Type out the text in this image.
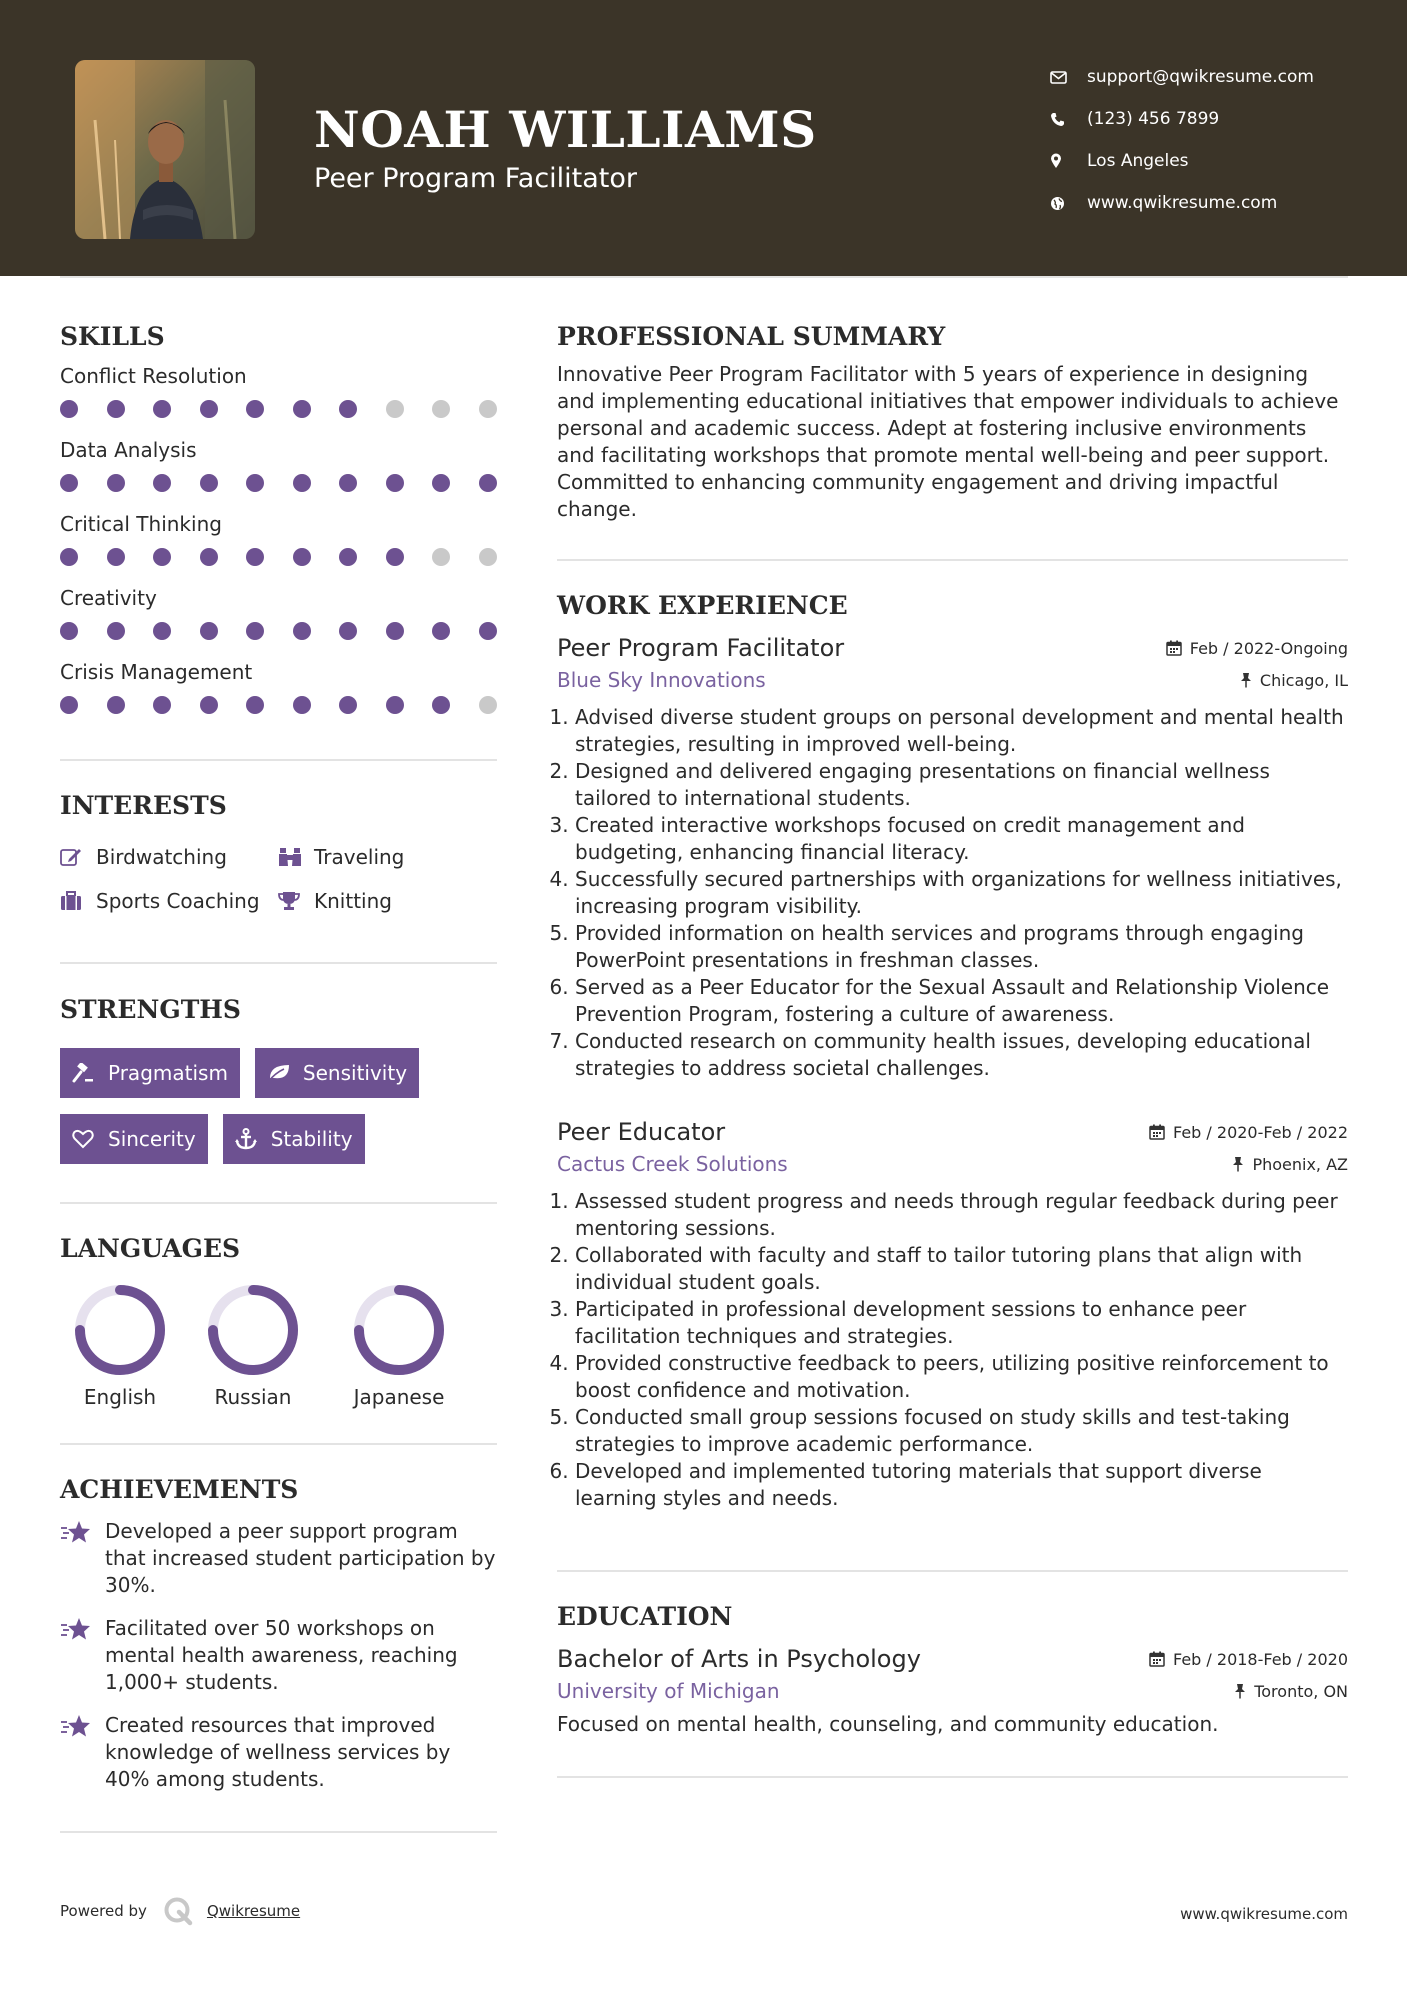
NOAH WILLIAMS
Peer Program Facilitator
support@qwikresume.com
(123) 456 7899
Los Angeles
www.qwikresume.com
SKILLS
Conflict Resolution
Data Analysis
Critical Thinking
Creativity
Crisis Management
INTERESTS
Birdwatching	Traveling
Sports Coaching	Knitting
STRENGTHS
Pragmatism	Sensitivity
Sincerity	Stability
LANGUAGES
English	Russian	Japanese
ACHIEVEMENTS
Developed a peer support program that increased student participation by 30%.
Facilitated over 50 workshops on mental health awareness, reaching 1,000+ students.
Created resources that improved knowledge of wellness services by 40% among students.
PROFESSIONAL SUMMARY
Innovative Peer Program Facilitator with 5 years of experience in designing and implementing educational initiatives that empower individuals to achieve personal and academic success. Adept at fostering inclusive environments and facilitating workshops that promote mental well-being and peer support. Committed to enhancing community engagement and driving impactful change.
WORK EXPERIENCE
Peer Program Facilitator	Feb / 2022-Ongoing
Blue Sky Innovations	Chicago, IL
1. Advised diverse student groups on personal development and mental health strategies, resulting in improved well-being.
2. Designed and delivered engaging presentations on financial wellness tailored to international students.
3. Created interactive workshops focused on credit management and budgeting, enhancing financial literacy.
4. Successfully secured partnerships with organizations for wellness initiatives, increasing program visibility.
5. Provided information on health services and programs through engaging PowerPoint presentations in freshman classes.
6. Served as a Peer Educator for the Sexual Assault and Relationship Violence Prevention Program, fostering a culture of awareness.
7. Conducted research on community health issues, developing educational strategies to address societal challenges.
Peer Educator	Feb / 2020-Feb / 2022
Cactus Creek Solutions	Phoenix, AZ
1. Assessed student progress and needs through regular feedback during peer mentoring sessions.
2. Collaborated with faculty and staff to tailor tutoring plans that align with individual student goals.
3. Participated in professional development sessions to enhance peer facilitation techniques and strategies.
4. Provided constructive feedback to peers, utilizing positive reinforcement to boost confidence and motivation.
5. Conducted small group sessions focused on study skills and test-taking strategies to improve academic performance.
6. Developed and implemented tutoring materials that support diverse learning styles and needs.
EDUCATION
Bachelor of Arts in Psychology	Feb / 2018-Feb / 2020
University of Michigan	Toronto, ON
Focused on mental health, counseling, and community education.
Powered by	Qwikresume	www.qwikresume.com
